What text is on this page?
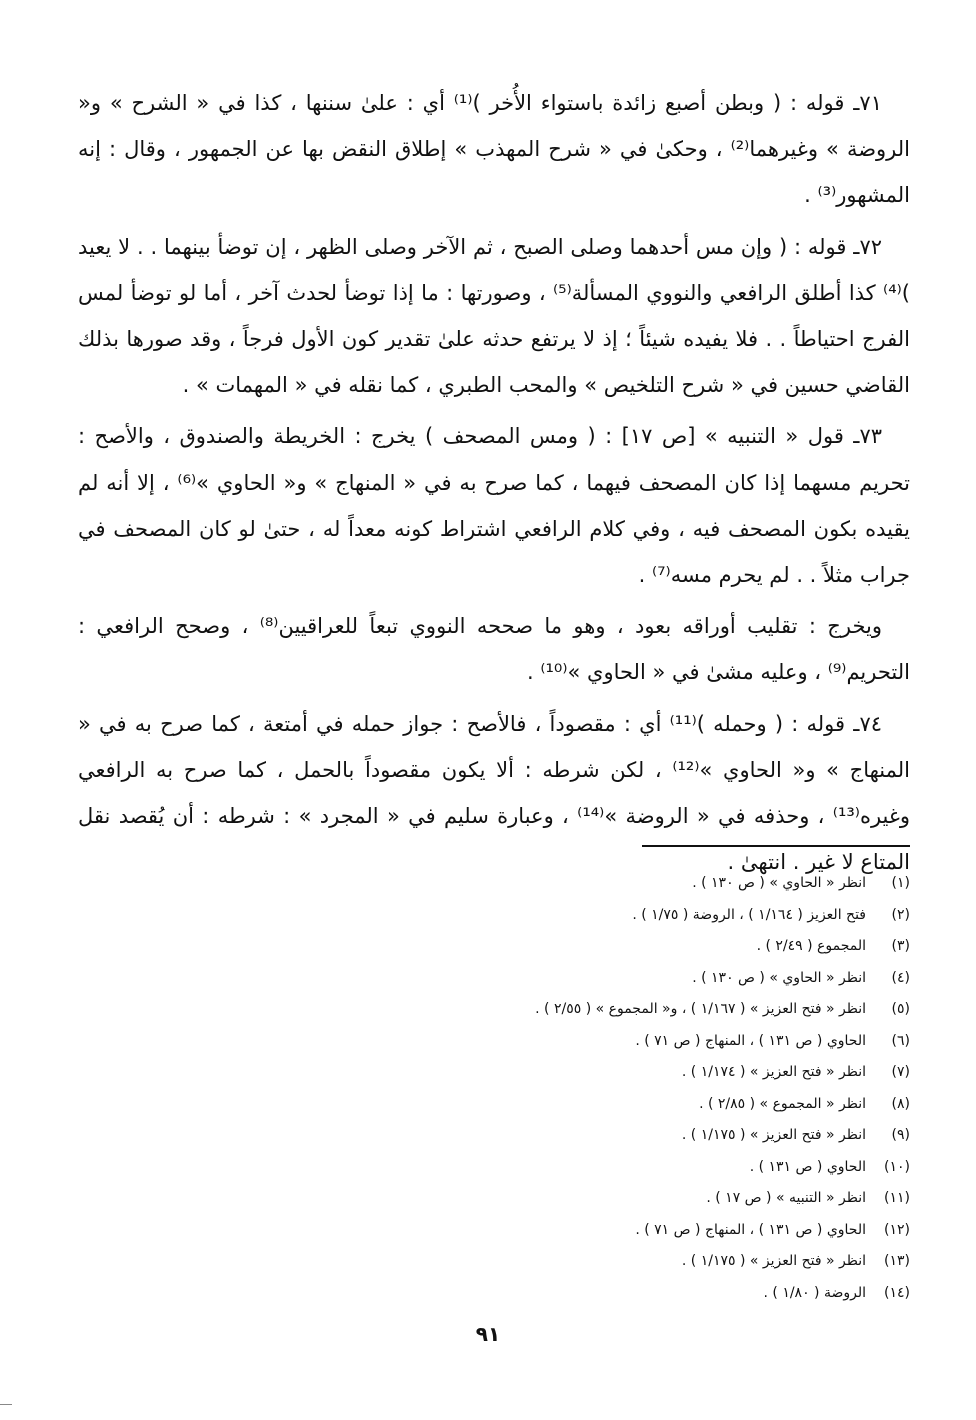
٧١ـ قوله : ( وبطن أصبع زائدة باستواء الأُخر )⁽¹⁾ أي : علىٰ سننها ، كذا في « الشرح » و« الروضة » وغيرهما⁽²⁾ ، وحكىٰ في « شرح المهذب » إطلاق النقض بها عن الجمهور ، وقال : إنه المشهور⁽³⁾ .

٧٢ـ قوله : ( وإن مس أحدهما وصلى الصبح ، ثم الآخر وصلى الظهر ، إن توضأ بينهما . . لا يعيد )⁽⁴⁾ كذا أطلق الرافعي والنووي المسألة⁽⁵⁾ ، وصورتها : ما إذا توضأ لحدث آخر ، أما لو توضأ لمس الفرج احتياطاً . . فلا يفيده شيئاً ؛ إذ لا يرتفع حدثه علىٰ تقدير كون الأول فرجاً ، وقد صورها بذلك القاضي حسين في « شرح التلخيص » والمحب الطبري ، كما نقله في « المهمات » .

٧٣ـ قول « التنبيه » [ص ١٧] : ( ومس المصحف ) يخرج : الخريطة والصندوق ، والأصح : تحريم مسهما إذا كان المصحف فيهما ، كما صرح به في « المنهاج » و« الحاوي »⁽⁶⁾ ، إلا أنه لم يقيده بكون المصحف فيه ، وفي كلام الرافعي اشتراط كونه معداً له ، حتىٰ لو كان المصحف في جراب مثلاً . . لم يحرم مسه⁽⁷⁾ .

ويخرج : تقليب أوراقه بعود ، وهو ما صححه النووي تبعاً للعراقيين⁽⁸⁾ ، وصحح الرافعي : التحريم⁽⁹⁾ ، وعليه مشىٰ في « الحاوي »⁽¹⁰⁾ .

٧٤ـ قوله : ( وحمله )⁽¹¹⁾ أي : مقصوداً ، فالأصح : جواز حمله في أمتعة ، كما صرح به في « المنهاج » و« الحاوي »⁽¹²⁾ ، لكن شرطه : ألا يكون مقصوداً بالحمل ، كما صرح به الرافعي وغيره⁽¹³⁾ ، وحذفه في « الروضة »⁽¹⁴⁾ ، وعبارة سليم في « المجرد » : شرطه : أن يُقصد نقل المتاع لا غير . انتهىٰ .

(١)
انظر « الحاوي » ( ص ١٣٠ ) .
(٢)
فتح العزيز ( ١/١٦٤ ) ، الروضة ( ١/٧٥ ) .
(٣)
المجموع ( ٢/٤٩ ) .
(٤)
انظر « الحاوي » ( ص ١٣٠ ) .
(٥)
انظر « فتح العزيز » ( ١/١٦٧ ) ، و« المجموع » ( ٢/٥٥ ) .
(٦)
الحاوي ( ص ١٣١ ) ، المنهاج ( ص ٧١ ) .
(٧)
انظر « فتح العزيز » ( ١/١٧٤ ) .
(٨)
انظر « المجموع » ( ٢/٨٥ ) .
(٩)
انظر « فتح العزيز » ( ١/١٧٥ ) .
(١٠)
الحاوي ( ص ١٣١ ) .
(١١)
انظر « التنبيه » ( ص ١٧ ) .
(١٢)
الحاوي ( ص ١٣١ ) ، المنهاج ( ص ٧١ ) .
(١٣)
انظر « فتح العزيز » ( ١/١٧٥ ) .
(١٤)
الروضة ( ١/٨٠ ) .
٩١
